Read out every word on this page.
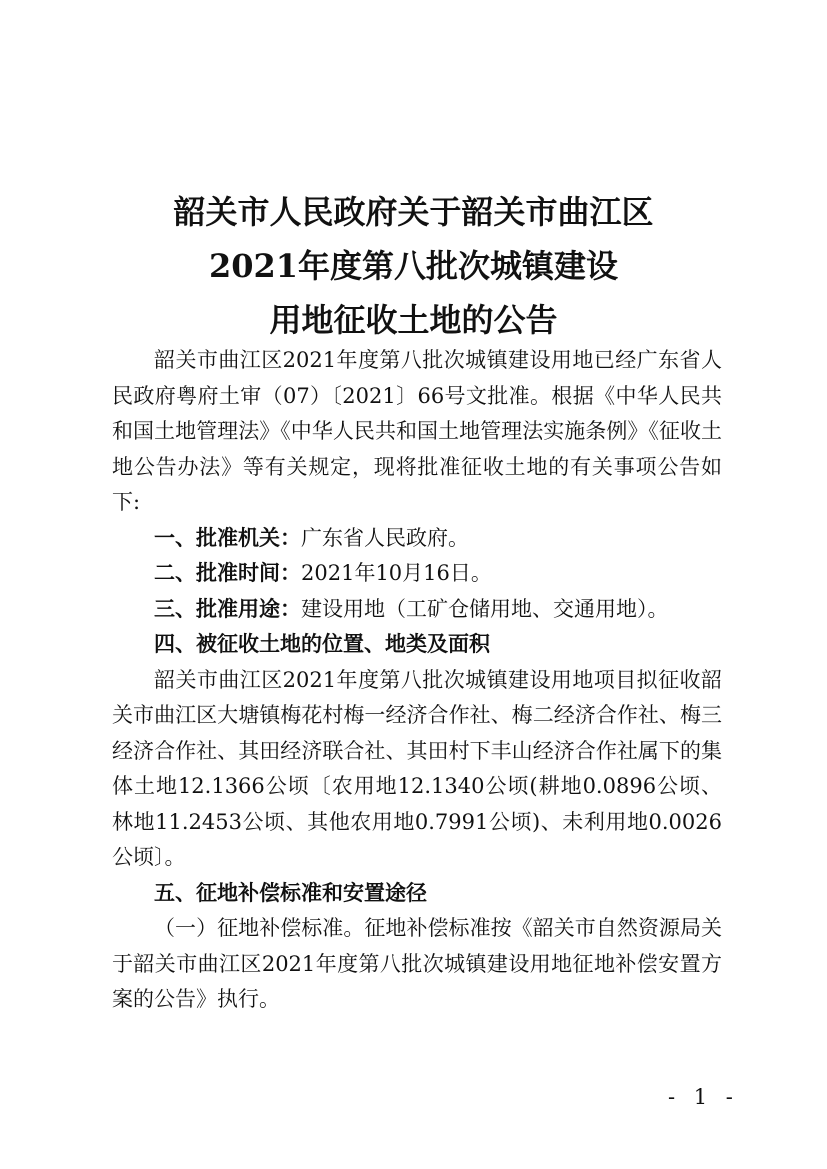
韶关市人民政府关于韶关市曲江区
2021年度第八批次城镇建设
用地征收土地的公告

韶关市曲江区2021年度第八批次城镇建设用地已经广东省人民政府粤府土审（07）〔2021〕66号文批准。根据《中华人民共和国土地管理法》《中华人民共和国土地管理法实施条例》《征收土地公告办法》等有关规定，现将批准征收土地的有关事项公告如下:

一、批准机关：广东省人民政府。

二、批准时间：2021年10月16日。

三、批准用途：建设用地（工矿仓储用地、交通用地）。

四、被征收土地的位置、地类及面积

韶关市曲江区2021年度第八批次城镇建设用地项目拟征收韶关市曲江区大塘镇梅花村梅一经济合作社、梅二经济合作社、梅三经济合作社、其田经济联合社、其田村下丰山经济合作社属下的集体土地12.1366公顷〔农用地12.1340公顷(耕地0.0896公顷、林地11.2453公顷、其他农用地0.7991公顷)、未利用地0.0026公顷〕。

五、征地补偿标准和安置途径

（一）征地补偿标准。征地补偿标准按《韶关市自然资源局关于韶关市曲江区2021年度第八批次城镇建设用地征地补偿安置方案的公告》执行。

- 1 -
